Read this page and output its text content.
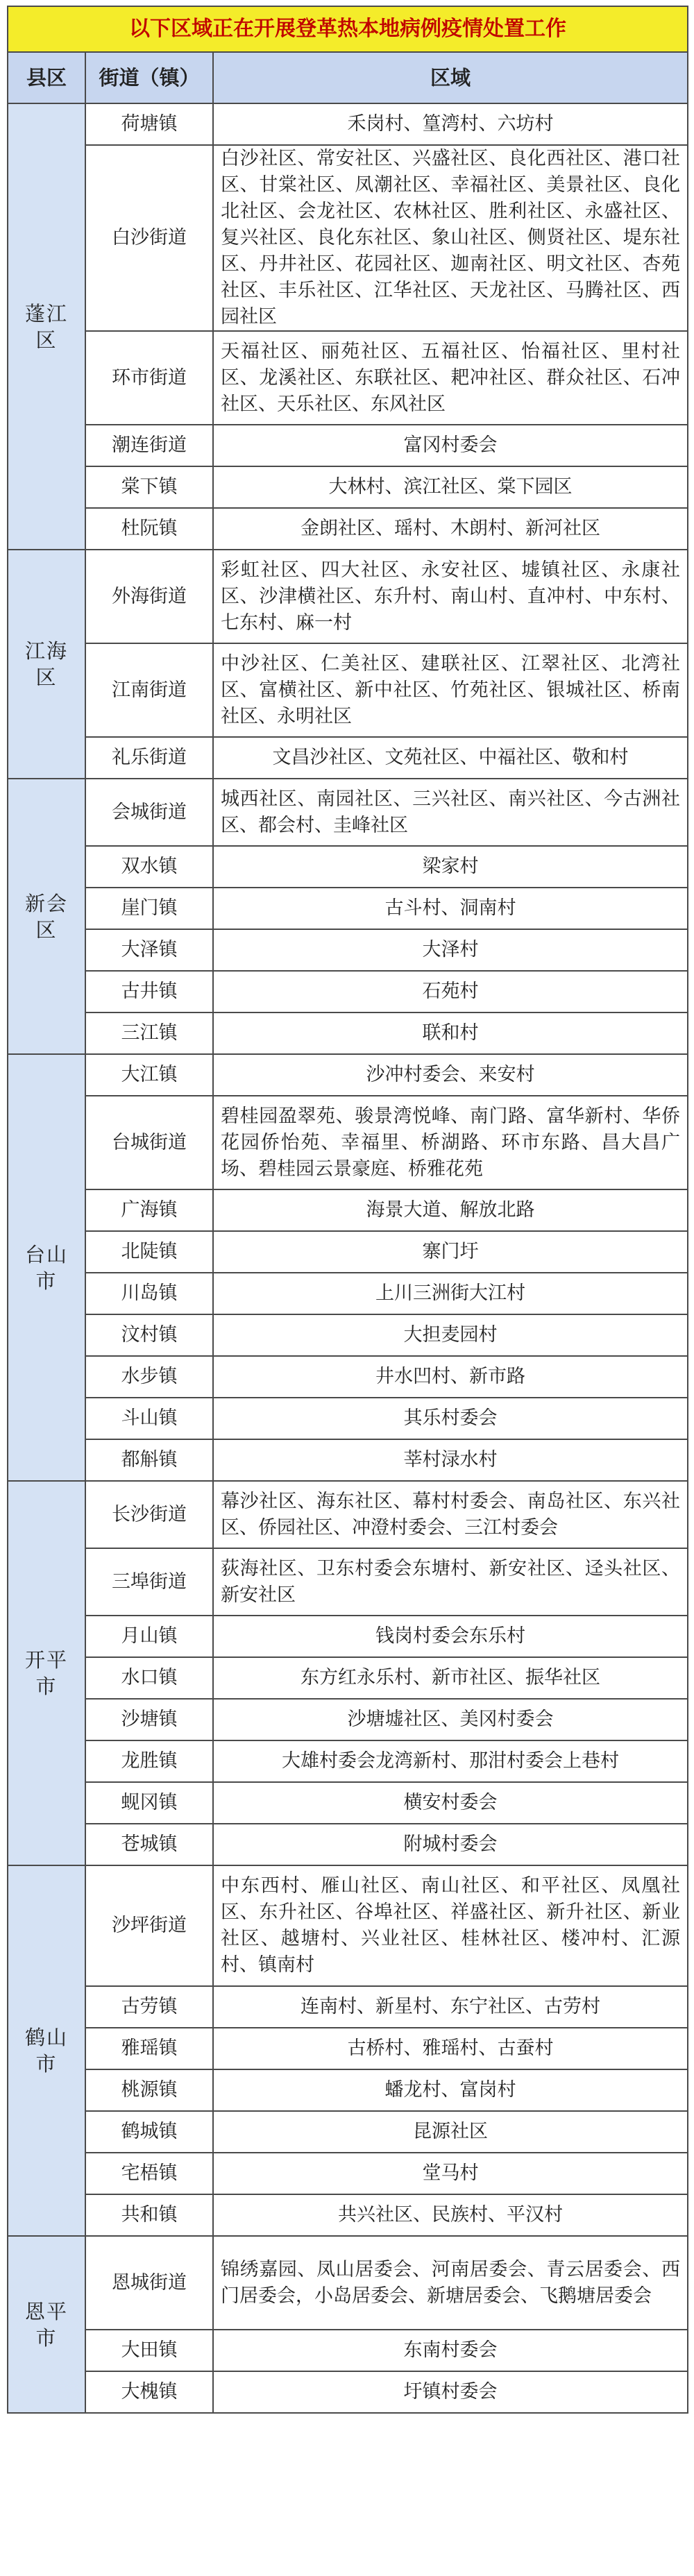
以下区域正在开展登革热本地病例疫情处置工作		
县区	街道（镇）	区域
蓬江区	荷塘镇	禾岗村、篁湾村、六坊村
	白沙街道	白沙社区、常安社区、兴盛社区、良化西社区、港口社区、甘棠社区、凤潮社区、幸福社区、美景社区、良化北社区、会龙社区、农林社区、胜利社区、永盛社区、复兴社区、良化东社区、象山社区、侧贤社区、堤东社区、丹井社区、花园社区、迦南社区、明文社区、杏苑社区、丰乐社区、江华社区、天龙社区、马腾社区、西园社区
	环市街道	天福社区、丽苑社区、五福社区、怡福社区、里村社区、龙溪社区、东联社区、耙冲社区、群众社区、石冲社区、天乐社区、东风社区
	潮连街道	富冈村委会
	棠下镇	大林村、滨江社区、棠下园区
	杜阮镇	金朗社区、瑶村、木朗村、新河社区
江海区	外海街道	彩虹社区、四大社区、永安社区、墟镇社区、永康社区、沙津横社区、东升村、南山村、直冲村、中东村、七东村、麻一村
	江南街道	中沙社区、仁美社区、建联社区、江翠社区、北湾社区、富横社区、新中社区、竹苑社区、银城社区、桥南社区、永明社区
	礼乐街道	文昌沙社区、文苑社区、中福社区、敬和村
新会区	会城街道	城西社区、南园社区、三兴社区、南兴社区、今古洲社区、都会村、圭峰社区
	双水镇	梁家村
	崖门镇	古斗村、洞南村
	大泽镇	大泽村
	古井镇	石苑村
	三江镇	联和村
台山市	大江镇	沙冲村委会、来安村
	台城街道	碧桂园盈翠苑、骏景湾悦峰、南门路、富华新村、华侨花园侨怡苑、幸福里、桥湖路、环市东路、昌大昌广场、碧桂园云景豪庭、桥雅花苑
	广海镇	海景大道、解放北路
	北陡镇	寨门圩
	川岛镇	上川三洲街大江村
	汶村镇	大担麦园村
	水步镇	井水凹村、新市路
	斗山镇	其乐村委会
	都斛镇	莘村渌水村
开平市	长沙街道	幕沙社区、海东社区、幕村村委会、南岛社区、东兴社区、侨园社区、冲澄村委会、三江村委会
	三埠街道	荻海社区、卫东村委会东塘村、新安社区、迳头社区、新安社区
	月山镇	钱岗村委会东乐村
	水口镇	东方红永乐村、新市社区、振华社区
	沙塘镇	沙塘墟社区、美冈村委会
	龙胜镇	大雄村委会龙湾新村、那泔村委会上巷村
	蚬冈镇	横安村委会
	苍城镇	附城村委会
鹤山市	沙坪街道	中东西村、雁山社区、南山社区、和平社区、凤凰社区、东升社区、谷埠社区、祥盛社区、新升社区、新业社区、越塘村、兴业社区、桂林社区、楼冲村、汇源村、镇南村
	古劳镇	连南村、新星村、东宁社区、古劳村
	雅瑶镇	古桥村、雅瑶村、古蚕村
	桃源镇	蟠龙村、富岗村
	鹤城镇	昆源社区
	宅梧镇	堂马村
	共和镇	共兴社区、民族村、平汉村
恩平市	恩城街道	锦绣嘉园、凤山居委会、河南居委会、青云居委会、西门居委会，小岛居委会、新塘居委会、飞鹅塘居委会
	大田镇	东南村委会
	大槐镇	圩镇村委会
